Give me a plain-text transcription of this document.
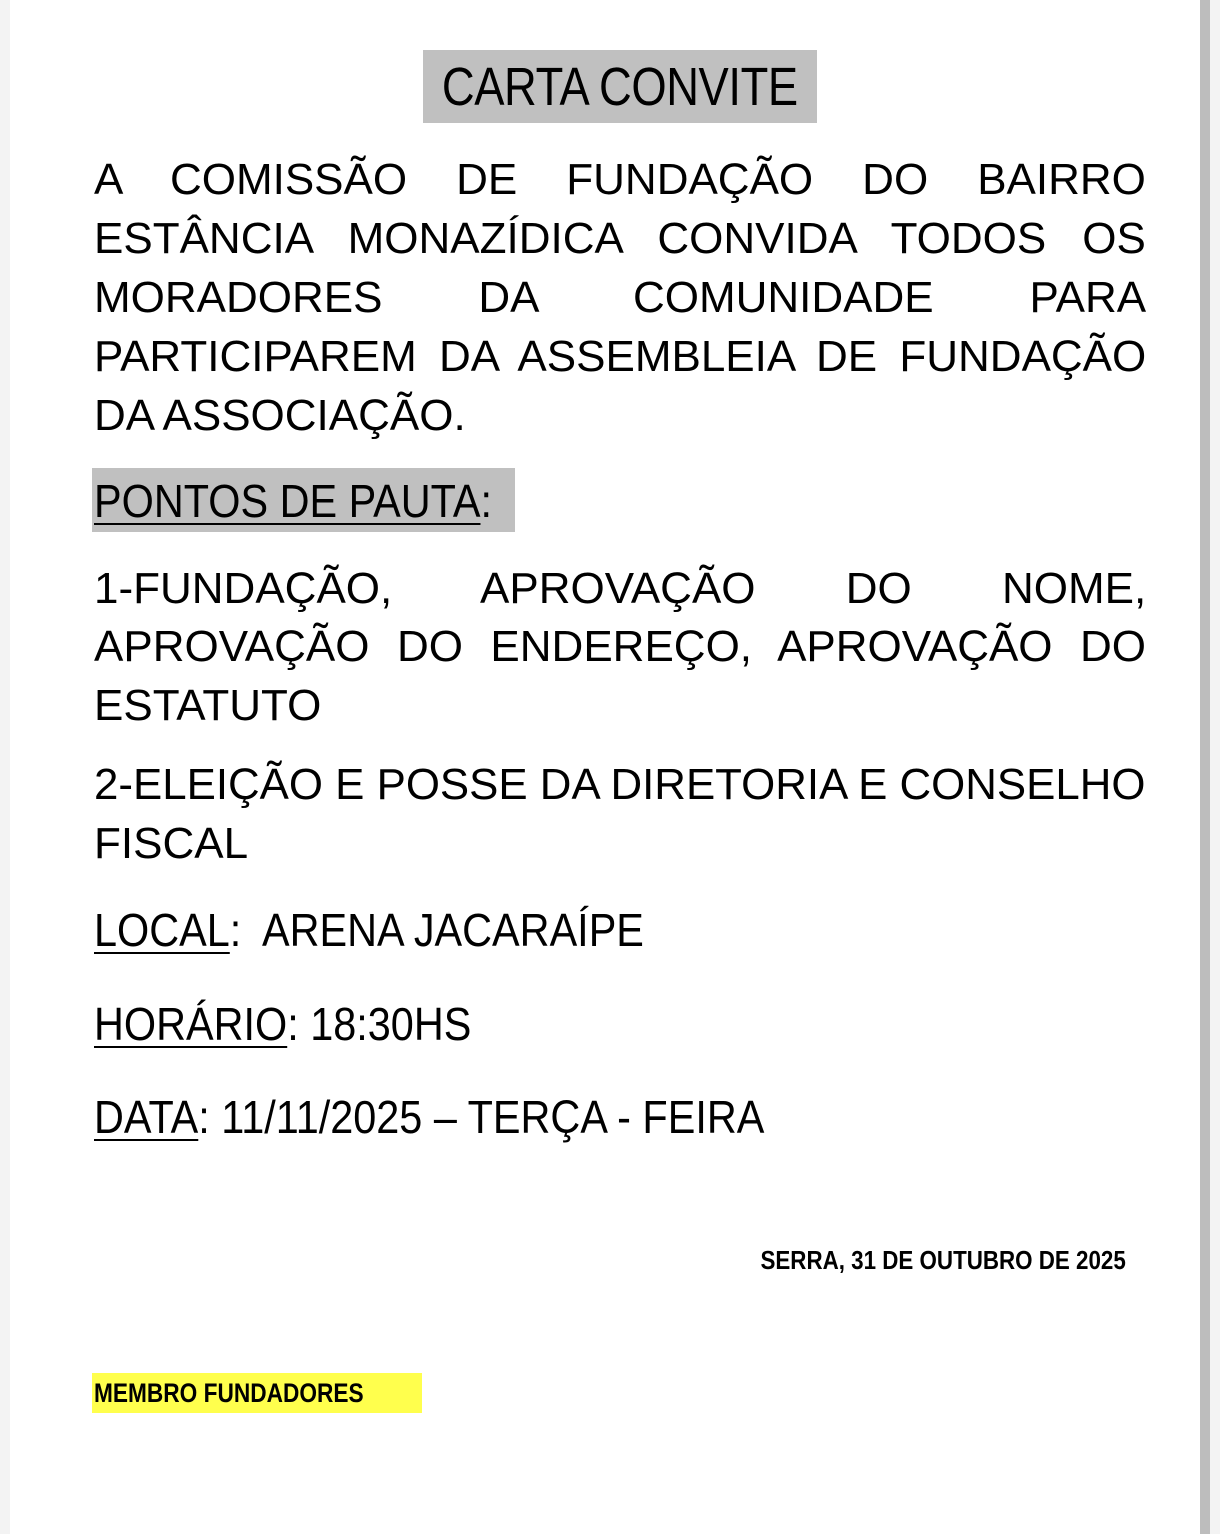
CARTA CONVITE
A COMISSÃO DE FUNDAÇÃO DO BAIRRO
ESTÂNCIA MONAZÍDICA CONVIDA TODOS OS
MORADORES DA COMUNIDADE PARA
PARTICIPAREM DA ASSEMBLEIA DE FUNDAÇÃO
DA ASSOCIAÇÃO.
PONTOS DE PAUTA:
1-FUNDAÇÃO, APROVAÇÃO DO NOME,
APROVAÇÃO DO ENDEREÇO, APROVAÇÃO DO
ESTATUTO
2-ELEIÇÃO E POSSE DA DIRETORIA E CONSELHO
FISCAL
LOCAL:  ARENA JACARAÍPE
HORÁRIO: 18:30HS
DATA: 11/11/2025 – TERÇA - FEIRA
SERRA, 31 DE OUTUBRO DE 2025
MEMBRO FUNDADORES
